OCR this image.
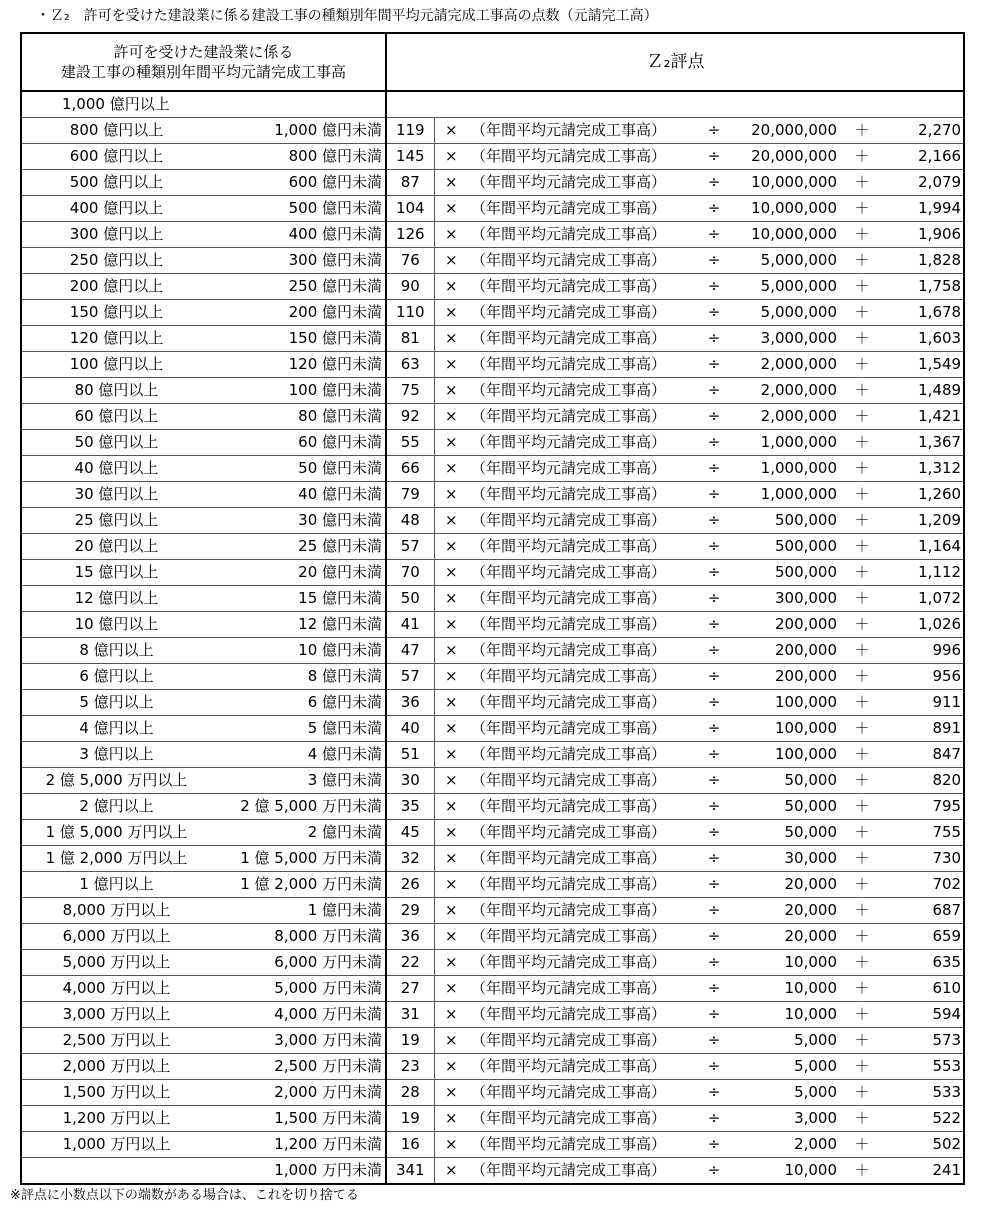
・Ｚ₂　許可を受けた建設業に係る建設工事の種類別年間平均元請完成工事高の点数（元請完工高）
許可を受けた建設業に係る
建設工事の種類別年間平均元請完成工事高		Ｚ₂評点							
1,000 億円以上			
800 億円以上	1,000 億円未満	119	×	（年間平均元請完成工事高）	÷	20,000,000	＋	2,270	
600 億円以上	800 億円未満	145	×	（年間平均元請完成工事高）	÷	20,000,000	＋	2,166	
500 億円以上	600 億円未満	87	×	（年間平均元請完成工事高）	÷	10,000,000	＋	2,079	
400 億円以上	500 億円未満	104	×	（年間平均元請完成工事高）	÷	10,000,000	＋	1,994	
300 億円以上	400 億円未満	126	×	（年間平均元請完成工事高）	÷	10,000,000	＋	1,906	
250 億円以上	300 億円未満	76	×	（年間平均元請完成工事高）	÷	5,000,000	＋	1,828	
200 億円以上	250 億円未満	90	×	（年間平均元請完成工事高）	÷	5,000,000	＋	1,758	
150 億円以上	200 億円未満	110	×	（年間平均元請完成工事高）	÷	5,000,000	＋	1,678	
120 億円以上	150 億円未満	81	×	（年間平均元請完成工事高）	÷	3,000,000	＋	1,603	
100 億円以上	120 億円未満	63	×	（年間平均元請完成工事高）	÷	2,000,000	＋	1,549	
80 億円以上	100 億円未満	75	×	（年間平均元請完成工事高）	÷	2,000,000	＋	1,489	
60 億円以上	80 億円未満	92	×	（年間平均元請完成工事高）	÷	2,000,000	＋	1,421	
50 億円以上	60 億円未満	55	×	（年間平均元請完成工事高）	÷	1,000,000	＋	1,367	
40 億円以上	50 億円未満	66	×	（年間平均元請完成工事高）	÷	1,000,000	＋	1,312	
30 億円以上	40 億円未満	79	×	（年間平均元請完成工事高）	÷	1,000,000	＋	1,260	
25 億円以上	30 億円未満	48	×	（年間平均元請完成工事高）	÷	500,000	＋	1,209	
20 億円以上	25 億円未満	57	×	（年間平均元請完成工事高）	÷	500,000	＋	1,164	
15 億円以上	20 億円未満	70	×	（年間平均元請完成工事高）	÷	500,000	＋	1,112	
12 億円以上	15 億円未満	50	×	（年間平均元請完成工事高）	÷	300,000	＋	1,072	
10 億円以上	12 億円未満	41	×	（年間平均元請完成工事高）	÷	200,000	＋	1,026	
8 億円以上	10 億円未満	47	×	（年間平均元請完成工事高）	÷	200,000	＋	996	
6 億円以上	8 億円未満	57	×	（年間平均元請完成工事高）	÷	200,000	＋	956	
5 億円以上	6 億円未満	36	×	（年間平均元請完成工事高）	÷	100,000	＋	911	
4 億円以上	5 億円未満	40	×	（年間平均元請完成工事高）	÷	100,000	＋	891	
3 億円以上	4 億円未満	51	×	（年間平均元請完成工事高）	÷	100,000	＋	847	
2 億 5,000 万円以上	3 億円未満	30	×	（年間平均元請完成工事高）	÷	50,000	＋	820	
2 億円以上	2 億 5,000 万円未満	35	×	（年間平均元請完成工事高）	÷	50,000	＋	795	
1 億 5,000 万円以上	2 億円未満	45	×	（年間平均元請完成工事高）	÷	50,000	＋	755	
1 億 2,000 万円以上	1 億 5,000 万円未満	32	×	（年間平均元請完成工事高）	÷	30,000	＋	730	
1 億円以上	1 億 2,000 万円未満	26	×	（年間平均元請完成工事高）	÷	20,000	＋	702	
8,000 万円以上	1 億円未満	29	×	（年間平均元請完成工事高）	÷	20,000	＋	687	
6,000 万円以上	8,000 万円未満	36	×	（年間平均元請完成工事高）	÷	20,000	＋	659	
5,000 万円以上	6,000 万円未満	22	×	（年間平均元請完成工事高）	÷	10,000	＋	635	
4,000 万円以上	5,000 万円未満	27	×	（年間平均元請完成工事高）	÷	10,000	＋	610	
3,000 万円以上	4,000 万円未満	31	×	（年間平均元請完成工事高）	÷	10,000	＋	594	
2,500 万円以上	3,000 万円未満	19	×	（年間平均元請完成工事高）	÷	5,000	＋	573	
2,000 万円以上	2,500 万円未満	23	×	（年間平均元請完成工事高）	÷	5,000	＋	553	
1,500 万円以上	2,000 万円未満	28	×	（年間平均元請完成工事高）	÷	5,000	＋	533	
1,200 万円以上	1,500 万円未満	19	×	（年間平均元請完成工事高）	÷	3,000	＋	522	
1,000 万円以上	1,200 万円未満	16	×	（年間平均元請完成工事高）	÷	2,000	＋	502	
	1,000 万円未満	341	×	（年間平均元請完成工事高）	÷	10,000	＋	241	
※評点に小数点以下の端数がある場合は、これを切り捨てる
